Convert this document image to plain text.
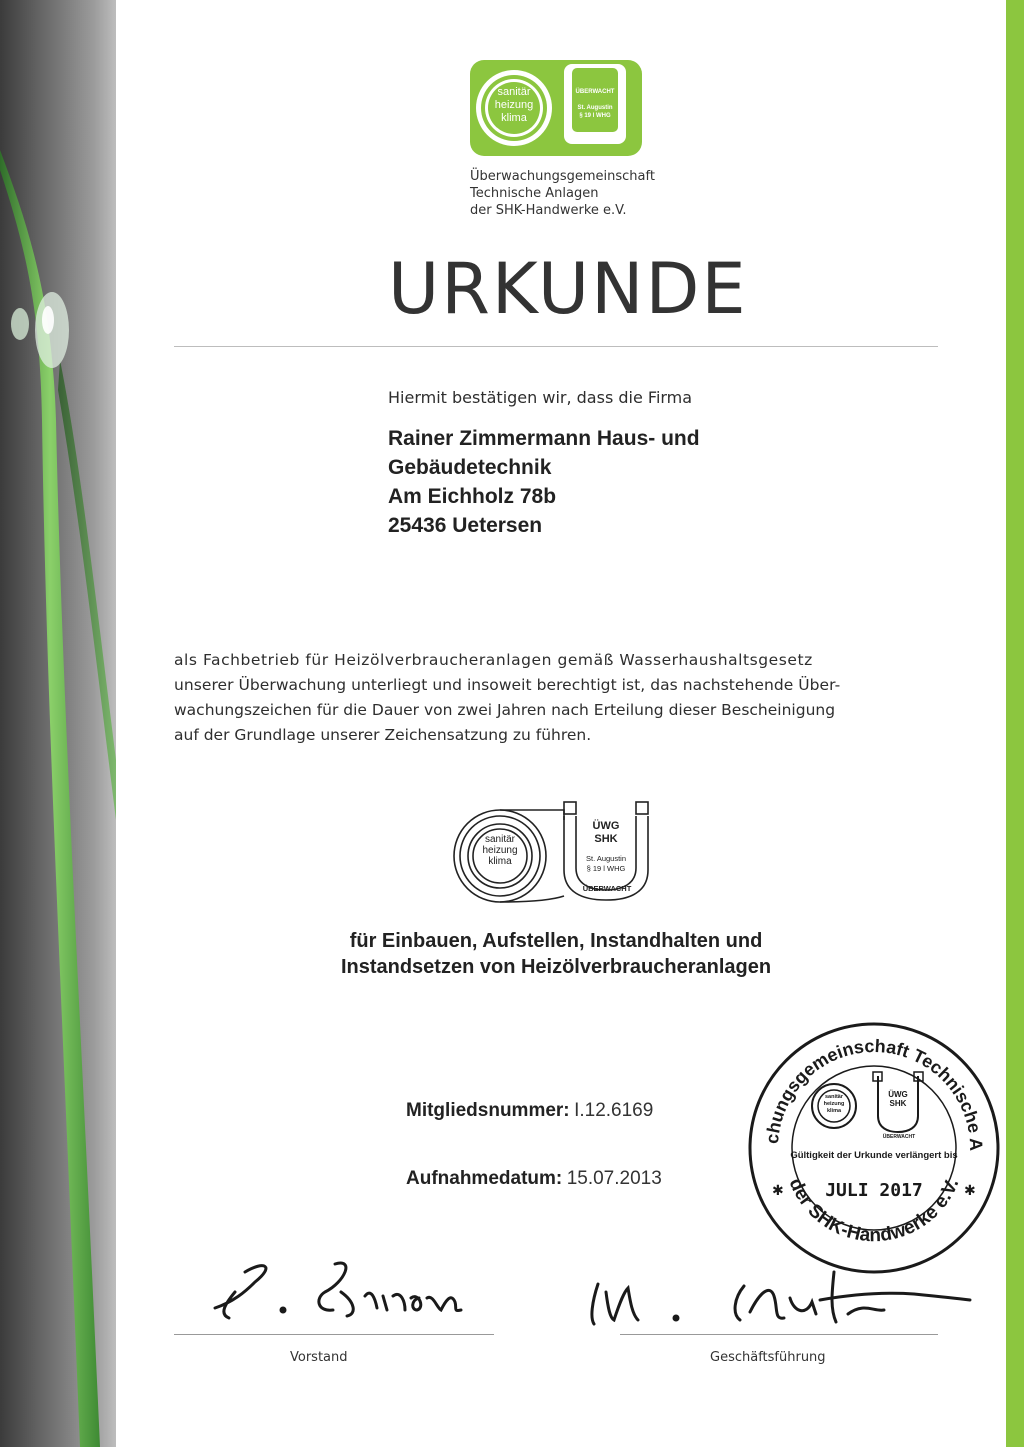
sanitär
heizung
klima
ÜBERWACHT
St. Augustin
§ 19 l WHG
Überwachungsgemeinschaft
Technische Anlagen
der SHK-Handwerke e.V.
URKUNDE
Hiermit bestätigen wir, dass die Firma
Rainer Zimmermann Haus- und
Gebäudetechnik
Am Eichholz 78b
25436 Uetersen
als Fachbetrieb für Heizölverbraucheranlagen gemäß Wasserhaushaltsgesetz
unserer Überwachung unterliegt und insoweit berechtigt ist, das nachstehende Über-
wachungszeichen für die Dauer von zwei Jahren nach Erteilung dieser Bescheinigung
auf der Grundlage unserer Zeichensatzung zu führen.
sanitär
heizung
klima
ÜWG
SHK
St. Augustin
§ 19 l WHG
ÜBERWACHT
für Einbauen, Aufstellen, Instandhalten und
Instandsetzen von Heizölverbraucheranlagen
Mitgliedsnummer: I.12.6169
Aufnahmedatum: 15.07.2013
chungsgemeinschaft Technische A
der SHK-Handwerke e.V.
✱	✱
sanitär
heizung
klima
ÜWG
SHK
ÜBERWACHT
Gültigkeit der Urkunde verlängert bis
JULI 2017
Vorstand	Geschäftsführung
